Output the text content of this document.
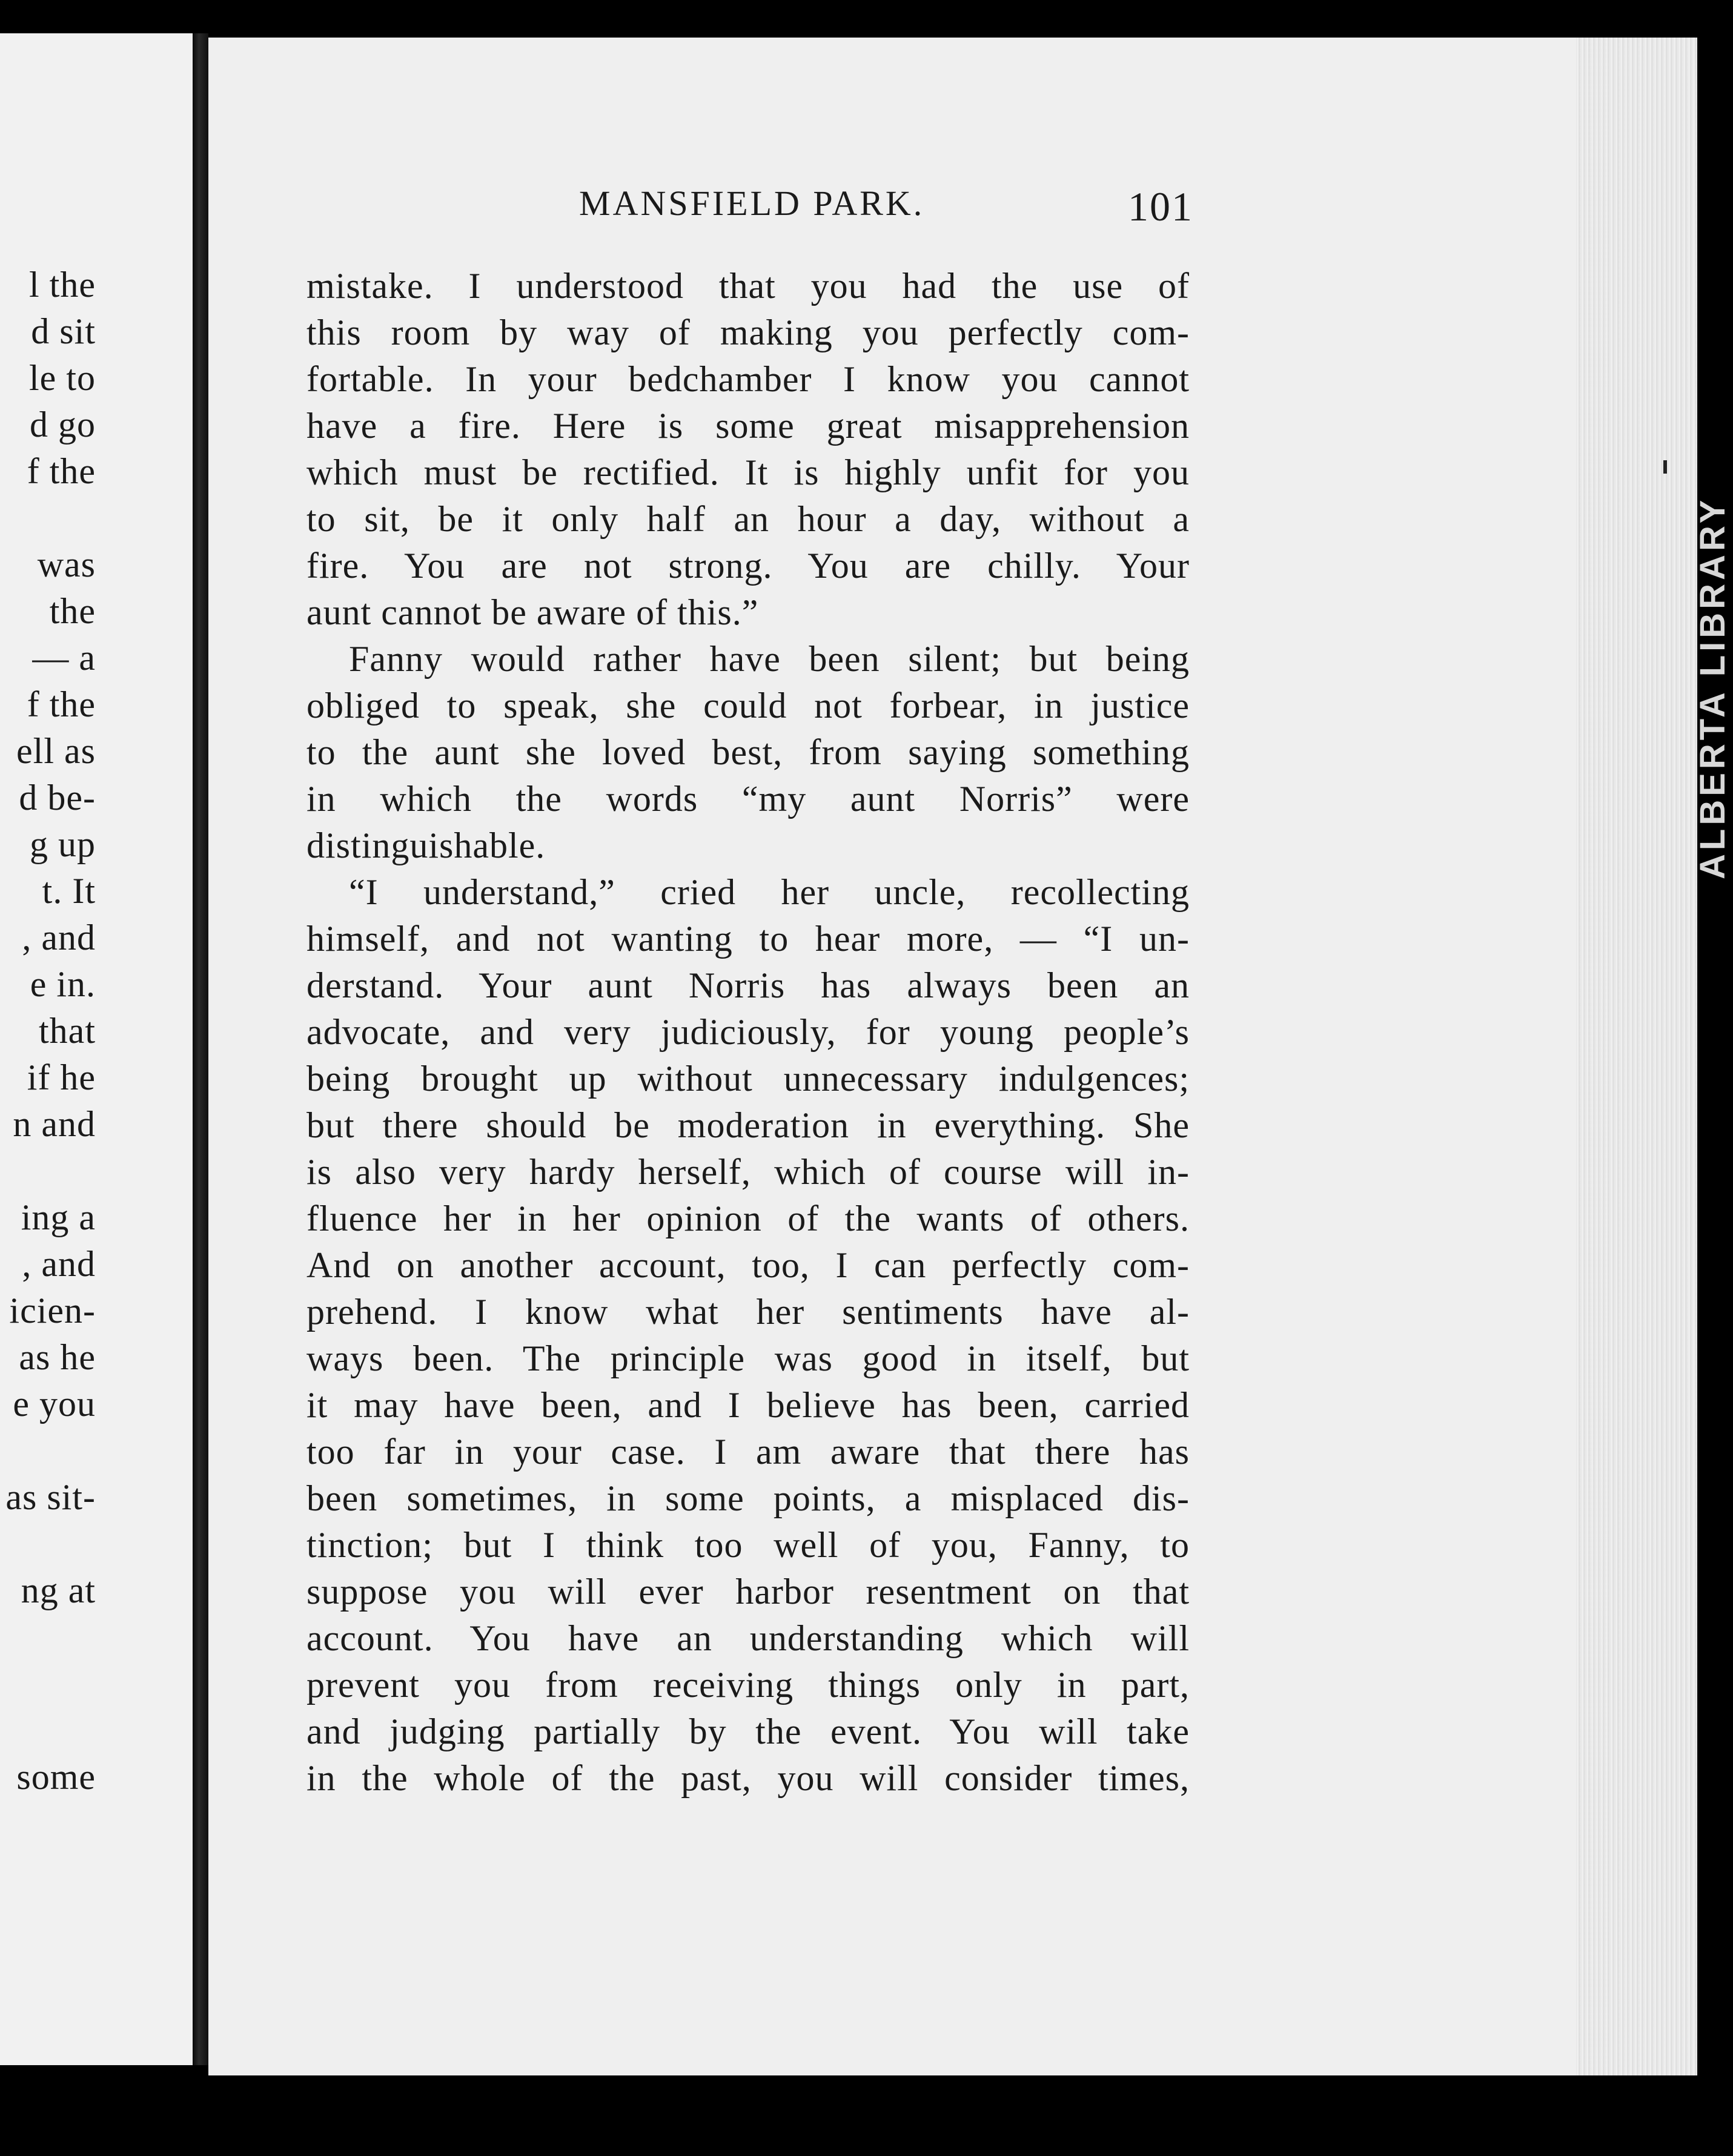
l the
d sit
le to
d go
f the
was
the
— a
f the
ell as
d be-
g up
t. It
, and
e in.
that
if he
n and
ing a
, and
icien-
as he
e you
as sit-
ng at
some
MANSFIELD PARK.	101
mistake. I understood that you had the use of
this room by way of making you perfectly com-
fortable. In your bedchamber I know you cannot
have a fire. Here is some great misapprehension
which must be rectified. It is highly unfit for you
to sit, be it only half an hour a day, without a
fire. You are not strong. You are chilly. Your
aunt cannot be aware of this.”
Fanny would rather have been silent; but being
obliged to speak, she could not forbear, in justice
to the aunt she loved best, from saying something
in which the words “my aunt Norris” were
distinguishable.
“I understand,” cried her uncle, recollecting
himself, and not wanting to hear more, — “I un-
derstand. Your aunt Norris has always been an
advocate, and very judiciously, for young people’s
being brought up without unnecessary indulgences;
but there should be moderation in everything. She
is also very hardy herself, which of course will in-
fluence her in her opinion of the wants of others.
And on another account, too, I can perfectly com-
prehend. I know what her sentiments have al-
ways been. The principle was good in itself, but
it may have been, and I believe has been, carried
too far in your case. I am aware that there has
been sometimes, in some points, a misplaced dis-
tinction; but I think too well of you, Fanny, to
suppose you will ever harbor resentment on that
account. You have an understanding which will
prevent you from receiving things only in part,
and judging partially by the event. You will take
in the whole of the past, you will consider times,
ALBERTA LIBRARY
